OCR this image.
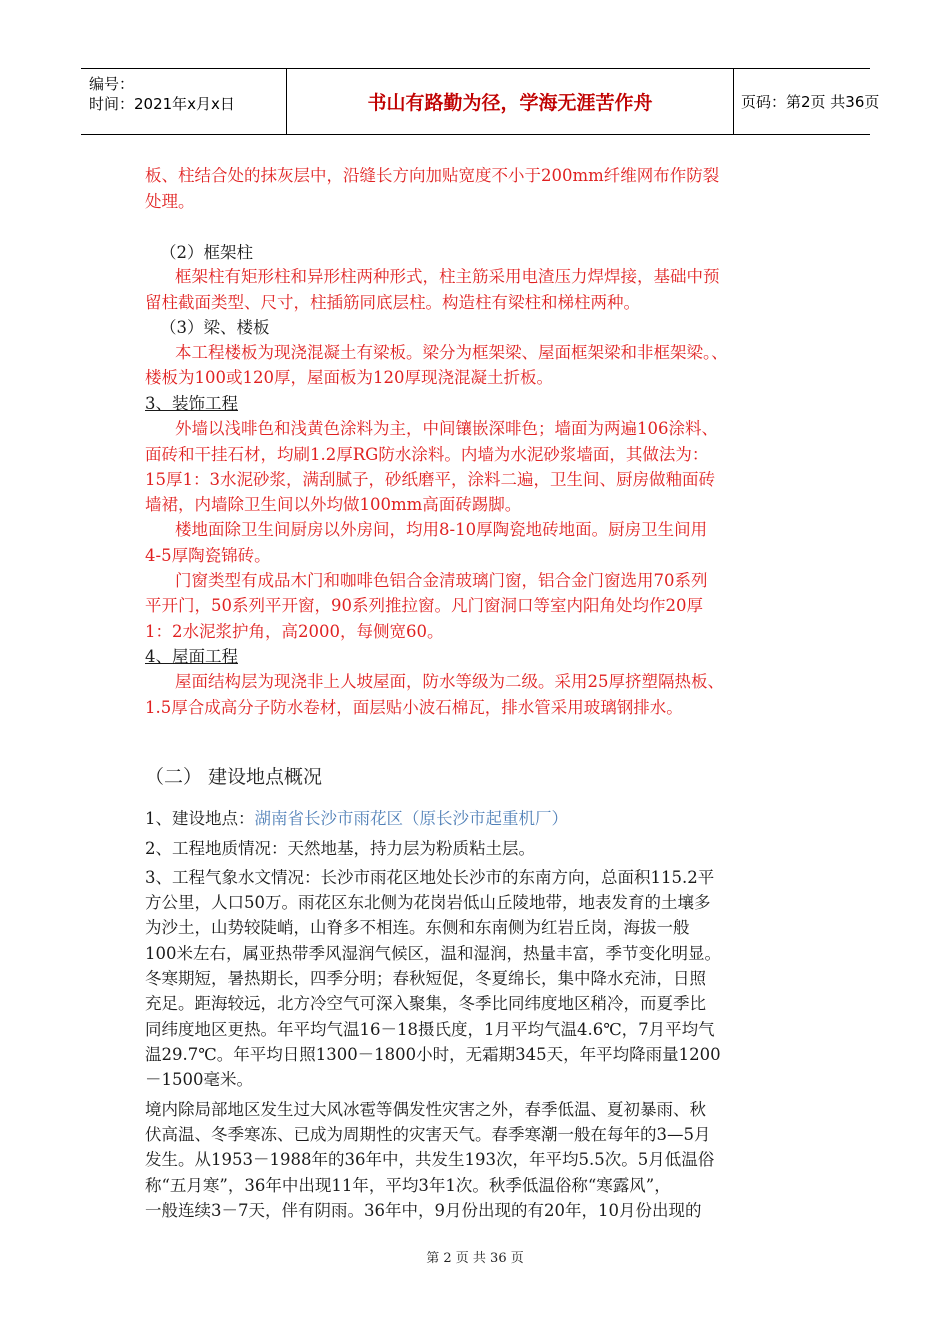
编号：
时间：2021年x月x日	书山有路勤为径，学海无涯苦作舟	页码：第2页 共36页
板、柱结合处的抹灰层中，沿缝长方向加贴宽度不小于200mm纤维网布作防裂
处理。
（2）框架柱
框架柱有矩形柱和异形柱两种形式，柱主筋采用电渣压力焊焊接，基础中预
留柱截面类型、尺寸，柱插筋同底层柱。构造柱有梁柱和梯柱两种。
（3）梁、楼板
本工程楼板为现浇混凝土有梁板。梁分为框架梁、屋面框架梁和非框架梁。、
楼板为100或120厚，屋面板为120厚现浇混凝土折板。
3、装饰工程
外墙以浅啡色和浅黄色涂料为主，中间镶嵌深啡色；墙面为两遍106涂料、
面砖和干挂石材，均刷1.2厚RG防水涂料。内墙为水泥砂浆墙面，其做法为：
15厚1：3水泥砂浆，满刮腻子，砂纸磨平，涂料二遍，卫生间、厨房做釉面砖
墙裙，内墙除卫生间以外均做100mm高面砖踢脚。
楼地面除卫生间厨房以外房间，均用8-10厚陶瓷地砖地面。厨房卫生间用
4-5厚陶瓷锦砖。
门窗类型有成品木门和咖啡色铝合金清玻璃门窗，铝合金门窗选用70系列
平开门，50系列平开窗，90系列推拉窗。凡门窗洞口等室内阳角处均作20厚
1：2水泥浆护角，高2000，每侧宽60。
4、屋面工程
屋面结构层为现浇非上人坡屋面，防水等级为二级。采用25厚挤塑隔热板、
1.5厚合成高分子防水卷材，面层贴小波石棉瓦，排水管采用玻璃钢排水。
（二） 建设地点概况
1、建设地点：湖南省长沙市雨花区（原长沙市起重机厂）
2、工程地质情况：天然地基，持力层为粉质粘土层。
3、工程气象水文情况：长沙市雨花区地处长沙市的东南方向，总面积115.2平
方公里，人口50万。雨花区东北侧为花岗岩低山丘陵地带，地表发育的土壤多
为沙土，山势较陡峭，山脊多不相连。东侧和东南侧为红岩丘岗，海拔一般
100米左右，属亚热带季风湿润气候区，温和湿润，热量丰富，季节变化明显。
冬寒期短，暑热期长，四季分明；春秋短促，冬夏绵长，集中降水充沛，日照
充足。距海较远，北方冷空气可深入聚集，冬季比同纬度地区稍冷，而夏季比
同纬度地区更热。年平均气温16－18摄氏度，1月平均气温4.6℃，7月平均气
温29.7℃。年平均日照1300－1800小时，无霜期345天，年平均降雨量1200
－1500毫米。
境内除局部地区发生过大风冰雹等偶发性灾害之外，春季低温、夏初暴雨、秋
伏高温、冬季寒冻、已成为周期性的灾害天气。春季寒潮一般在每年的3—5月
发生。从1953－1988年的36年中，共发生193次，年平均5.5次。5月低温俗
称“五月寒”，36年中出现11年，平均3年1次。秋季低温俗称“寒露风”，
一般连续3－7天，伴有阴雨。36年中，9月份出现的有20年，10月份出现的
第 2 页 共 36 页
